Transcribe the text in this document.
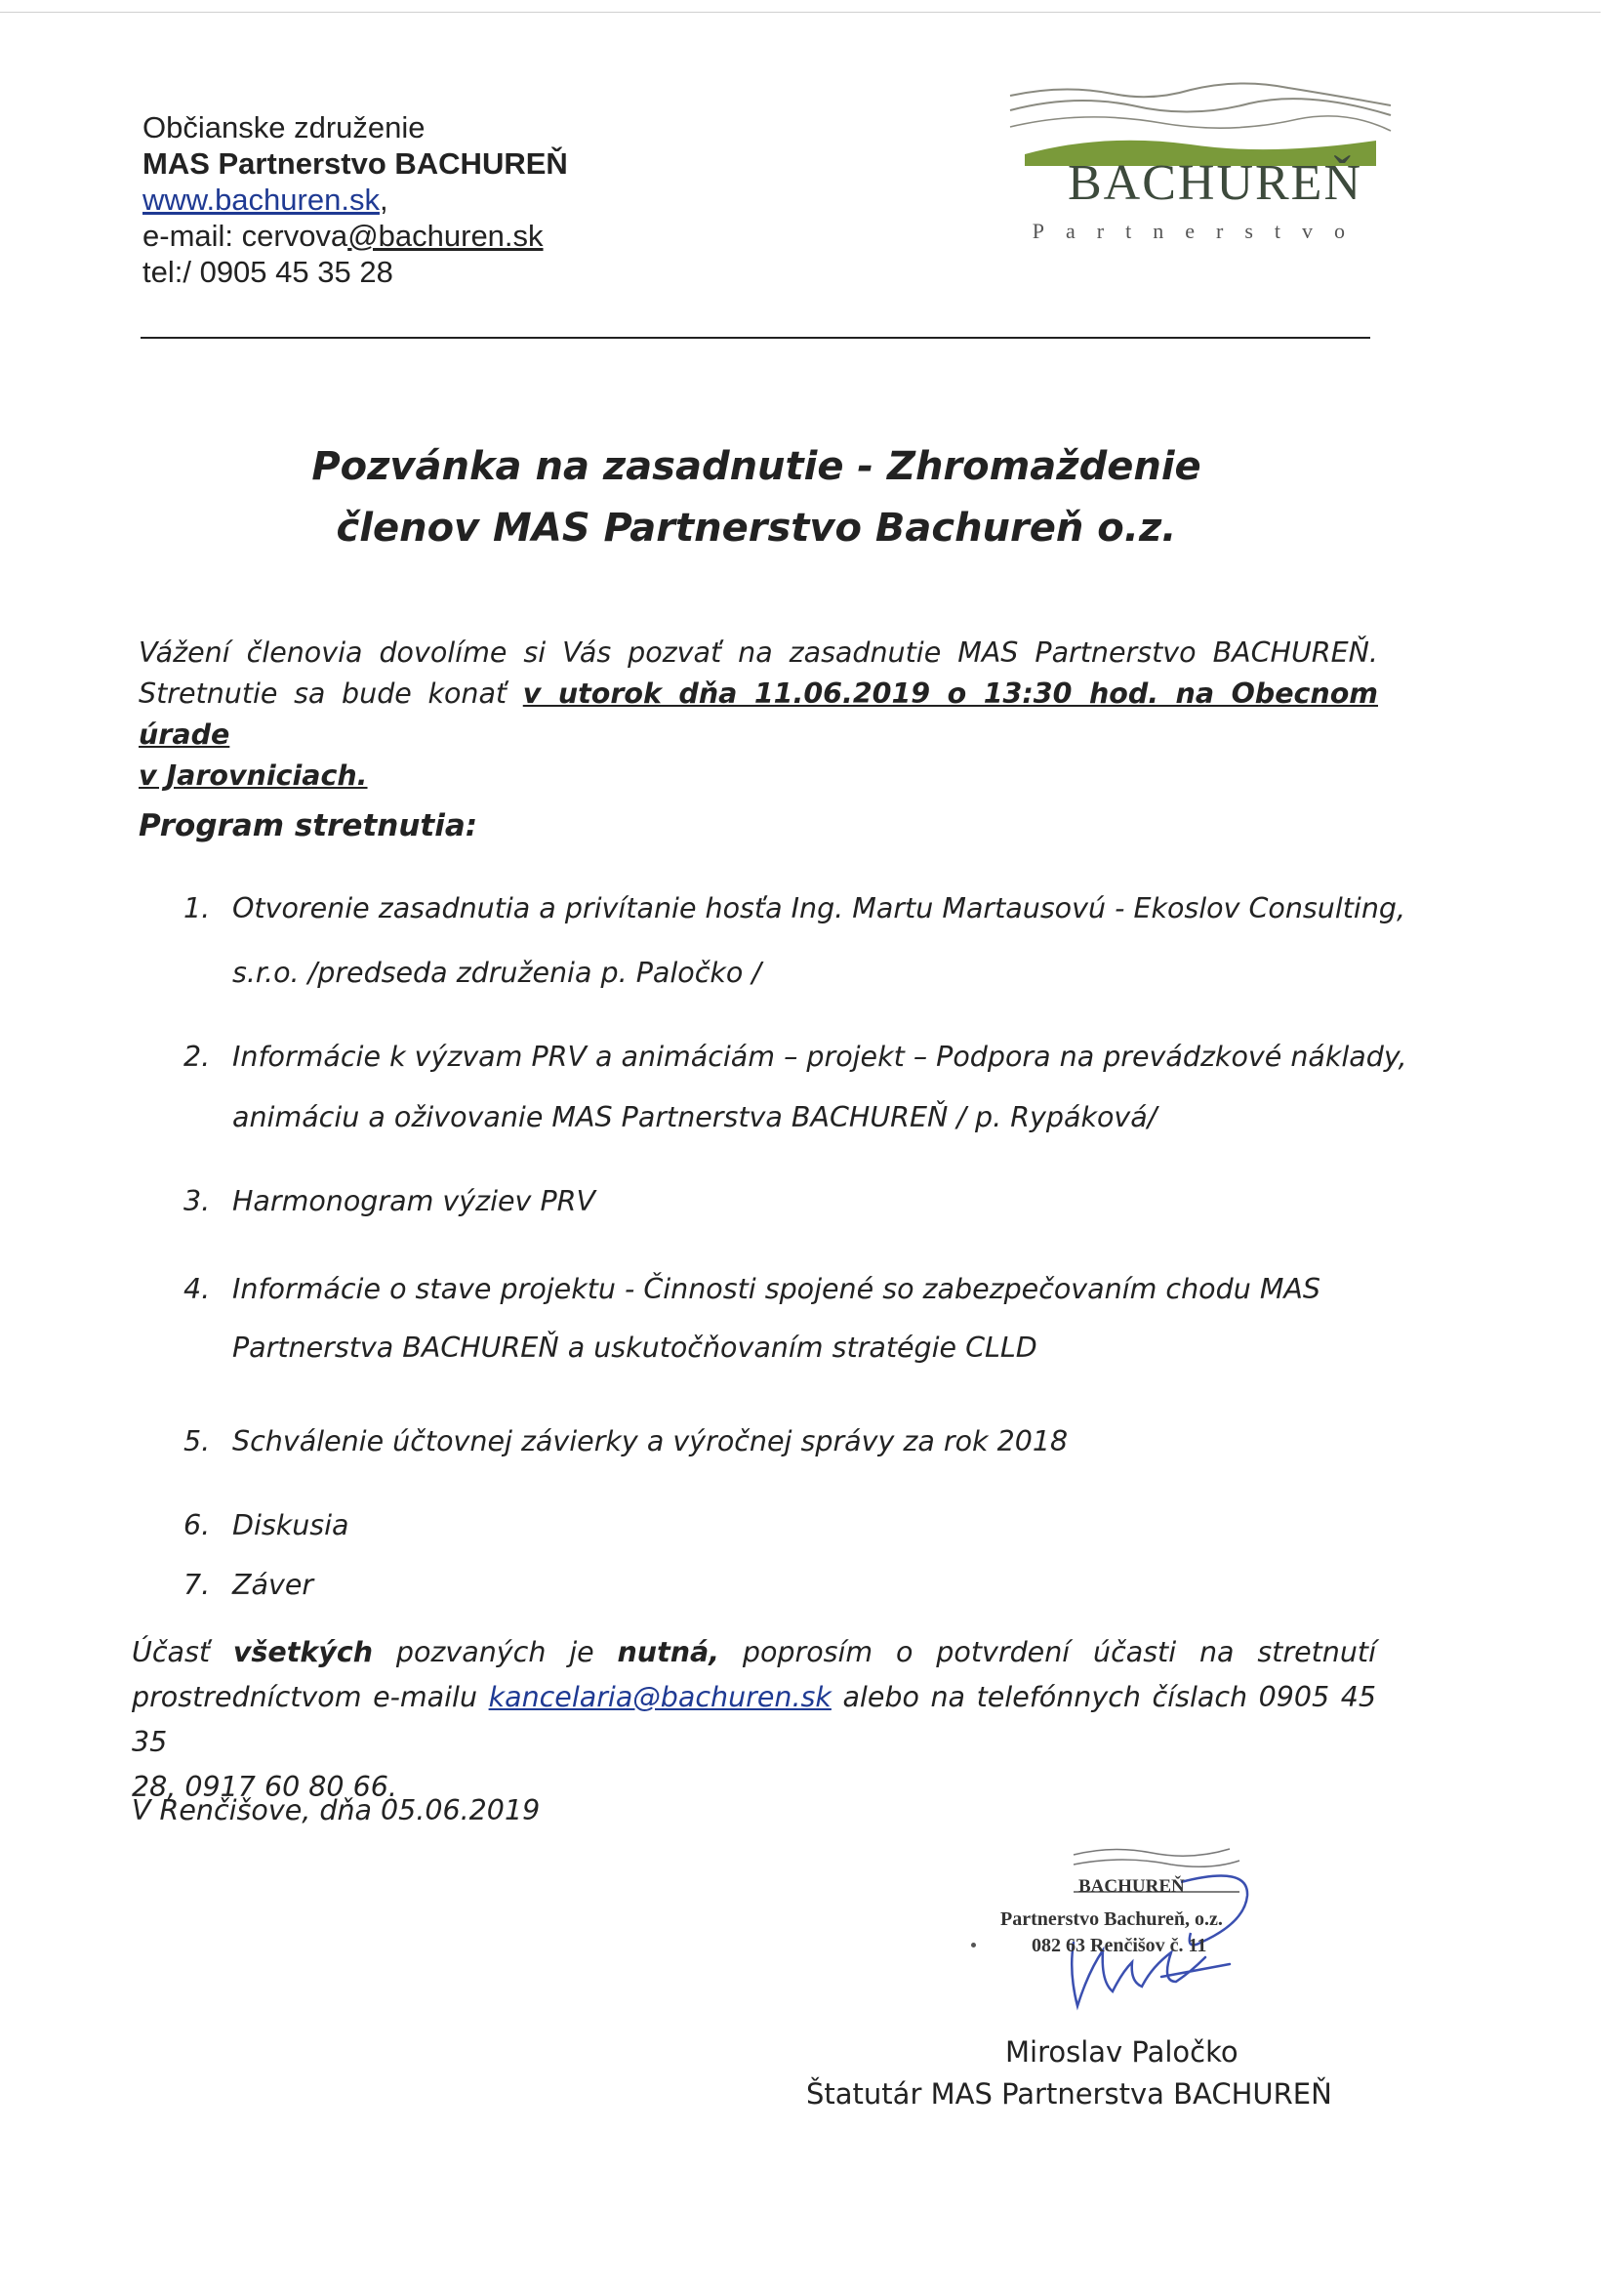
Občianske združenie
MAS Partnerstvo BACHUREŇ
www.bachuren.sk,
e-mail: cervova@bachuren.sk
tel:/ 0905 45 35 28
BACHUREŇ
Partnerstvo
Pozvánka na zasadnutie - Zhromaždenie
členov MAS Partnerstvo Bachureň o.z.
Vážení členovia dovolíme si Vás pozvať na zasadnutie MAS Partnerstvo BACHUREŇ.
Stretnutie sa bude konať v utorok dňa 11.06.2019 o 13:30 hod. na Obecnom úrade
v Jarovniciach.
Program stretnutia:
1. Otvorenie zasadnutia a privítanie hosťa Ing. Martu Martausovú - Ekoslov Consulting,
s.r.o. /predseda združenia p. Paločko /
2. Informácie k výzvam PRV a animáciám – projekt – Podpora na prevádzkové náklady,
animáciu a oživovanie MAS Partnerstva BACHUREŇ / p. Rypáková/
3. Harmonogram výziev PRV
4. Informácie o stave projektu - Činnosti spojené so zabezpečovaním chodu MAS
Partnerstva BACHUREŇ a uskutočňovaním stratégie CLLD
5. Schválenie účtovnej závierky a výročnej správy za rok 2018
6. Diskusia
7. Záver
Účasť všetkých pozvaných je nutná, poprosím o potvrdení účasti na stretnutí
prostredníctvom e-mailu kancelaria@bachuren.sk alebo na telefónnych číslach 0905 45 35
28, 0917 60 80 66.
V Renčišove, dňa 05.06.2019
BACHUREŇ
Partnerstvo Bachureň, o.z.
082 63 Renčišov č. 11
Miroslav Paločko
Štatutár MAS Partnerstva BACHUREŇ
